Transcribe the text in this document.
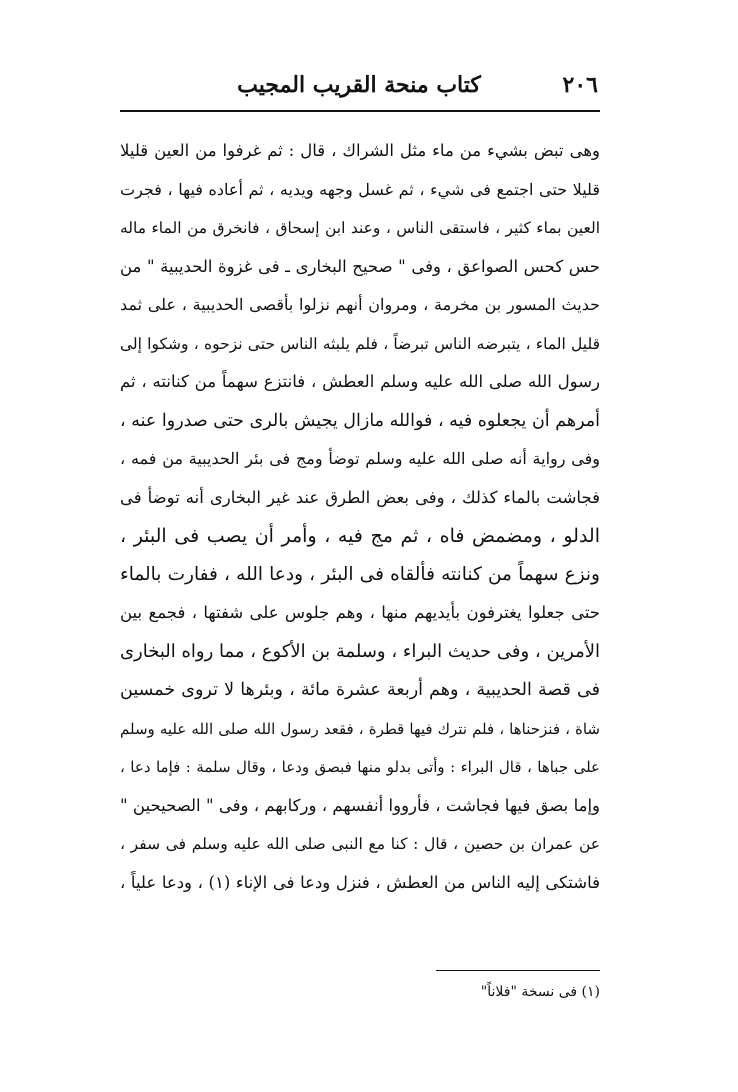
٢٠٦
كتاب منحة القريب المجيب
وهى تبض بشيء من ماء مثل الشراك ، قال : ثم غرفوا من العين قليلا
قليلا حتى اجتمع فى شيء ، ثم غسل وجهه ويديه ، ثم أعاده فيها ، فجرت
العين بماء كثير ، فاستقى الناس ، وعند ابن إسحاق ، فانخرق من الماء ماله
حس كحس الصواعق ، وفى " صحيح البخارى ـ فى غزوة الحديبية " من
حديث المسور بن مخرمة ، ومروان أنهم نزلوا بأقصى الحديبية ، على ثمد
قليل الماء ، يتبرضه الناس تبرضاً ، فلم يلبثه الناس حتى نزحوه ، وشكوا إلى
رسول الله صلى الله عليه وسلم العطش ، فانتزع سهماً من كنانته ، ثم
أمرهم أن يجعلوه فيه ، فوالله مازال يجيش بالرى حتى صدروا عنه ،
وفى رواية أنه صلى الله عليه وسلم توضأ ومج فى بئر الحديبية من فمه ،
فجاشت بالماء كذلك ، وفى بعض الطرق عند غير البخارى أنه توضأ فى
الدلو ، ومضمض فاه ، ثم مج فيه ، وأمر أن يصب فى البئر ،
ونزع سهماً من كنانته فألقاه فى البئر ، ودعا الله ، ففارت بالماء
حتى جعلوا يغترفون بأيديهم منها ، وهم جلوس على شفتها ، فجمع بين
الأمرين ، وفى حديث البراء ، وسلمة بن الأكوع ، مما رواه البخارى
فى قصة الحديبية ، وهم أربعة عشرة مائة ، وبئرها لا تروى خمسين
شاة ، فنزحناها ، فلم نترك فيها قطرة ، فقعد رسول الله صلى الله عليه وسلم
على جباها ، قال البراء : وأتى بدلو منها فبصق ودعا ، وقال سلمة : فإما دعا ،
وإما بصق فيها فجاشت ، فأرووا أنفسهم ، وركابهم ، وفى " الصحيحين "
عن عمران بن حصين ، قال : كنا مع النبى صلى الله عليه وسلم فى سفر ،
فاشتكى إليه الناس من العطش ، فنزل ودعا فى الإناء (١) ، ودعا علياً ،
(١) فى نسخة "فلاناً"
